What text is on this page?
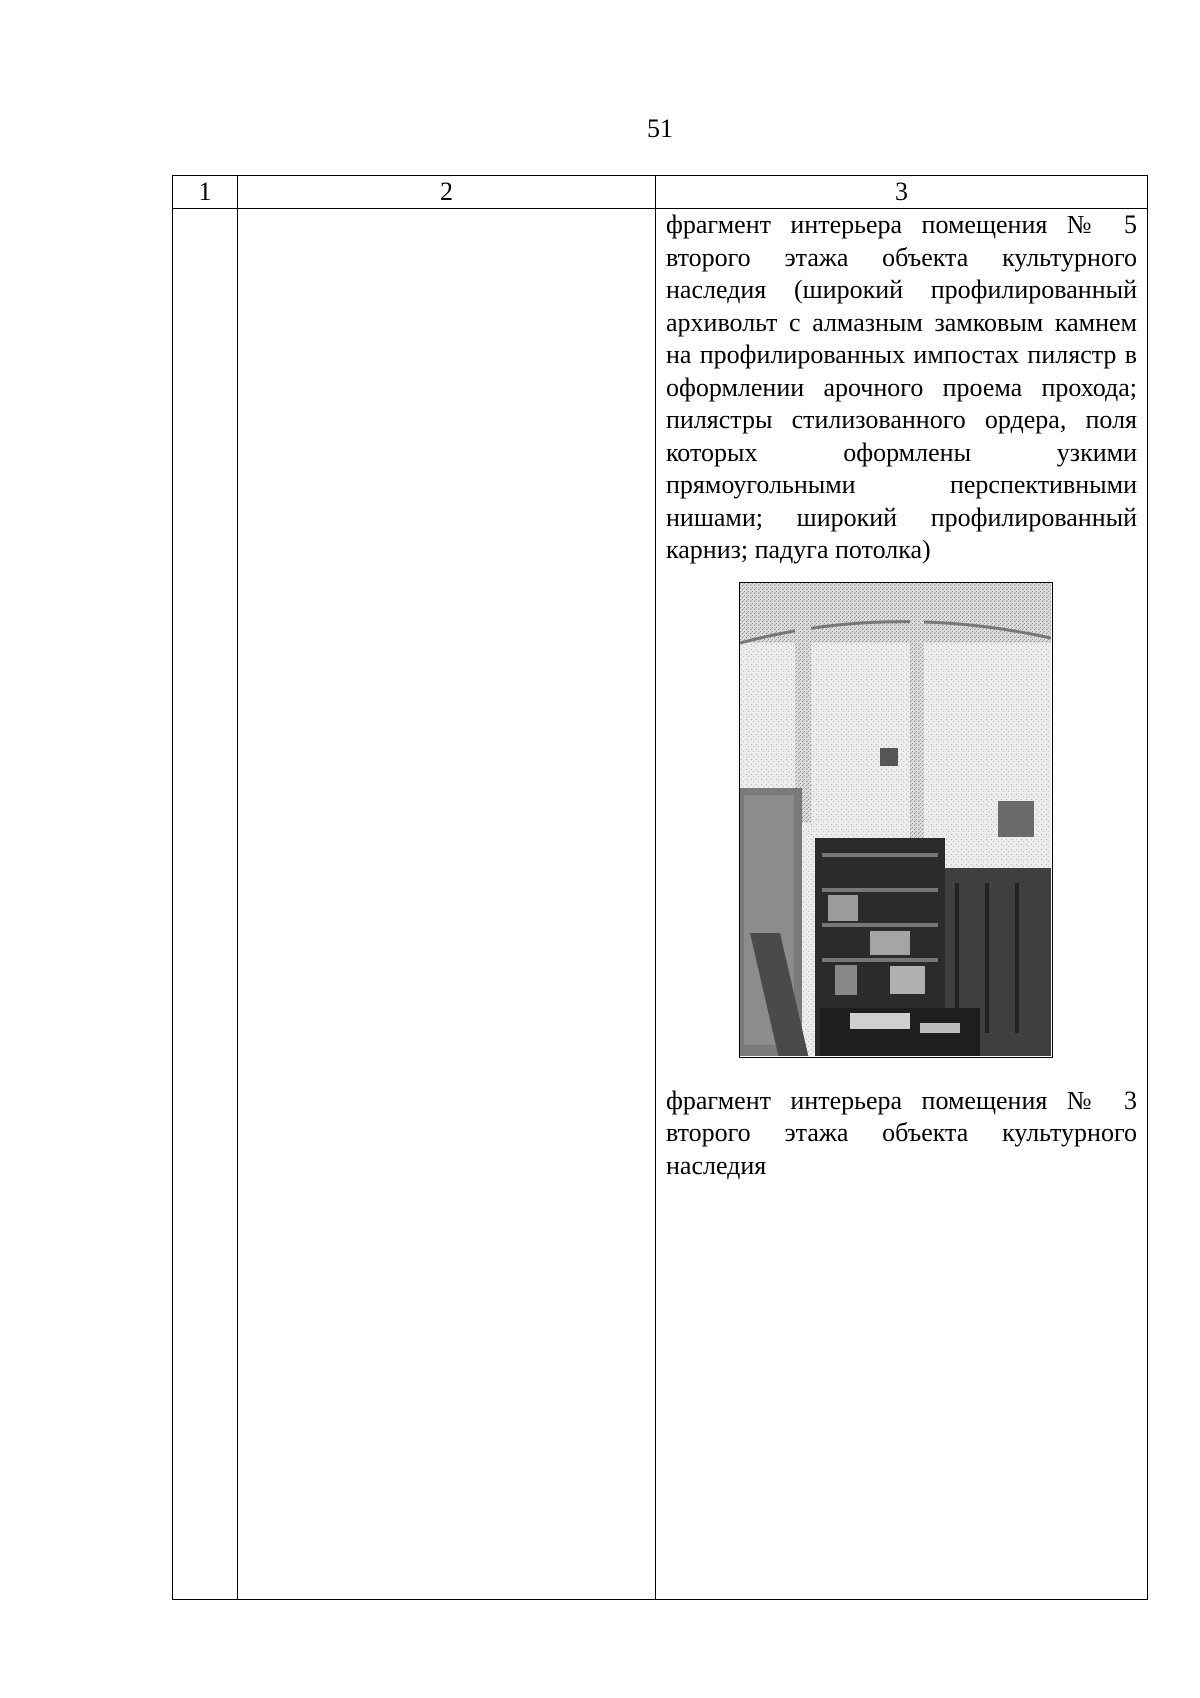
51
1	2	3

		фрагмент интерьера помещения № 5 второго этажа объекта культурного наследия (широкий профилированный архивольт с алмазным замковым камнем на профилированных импостах пилястр в оформлении арочного проема прохода; пилястры стилизованного ордера, поля которых оформлены узкими прямоугольными перспективными нишами; широкий профилированный карниз; падуга потолка)

фрагмент интерьера помещения № 3 второго этажа объекта культурного наследия
